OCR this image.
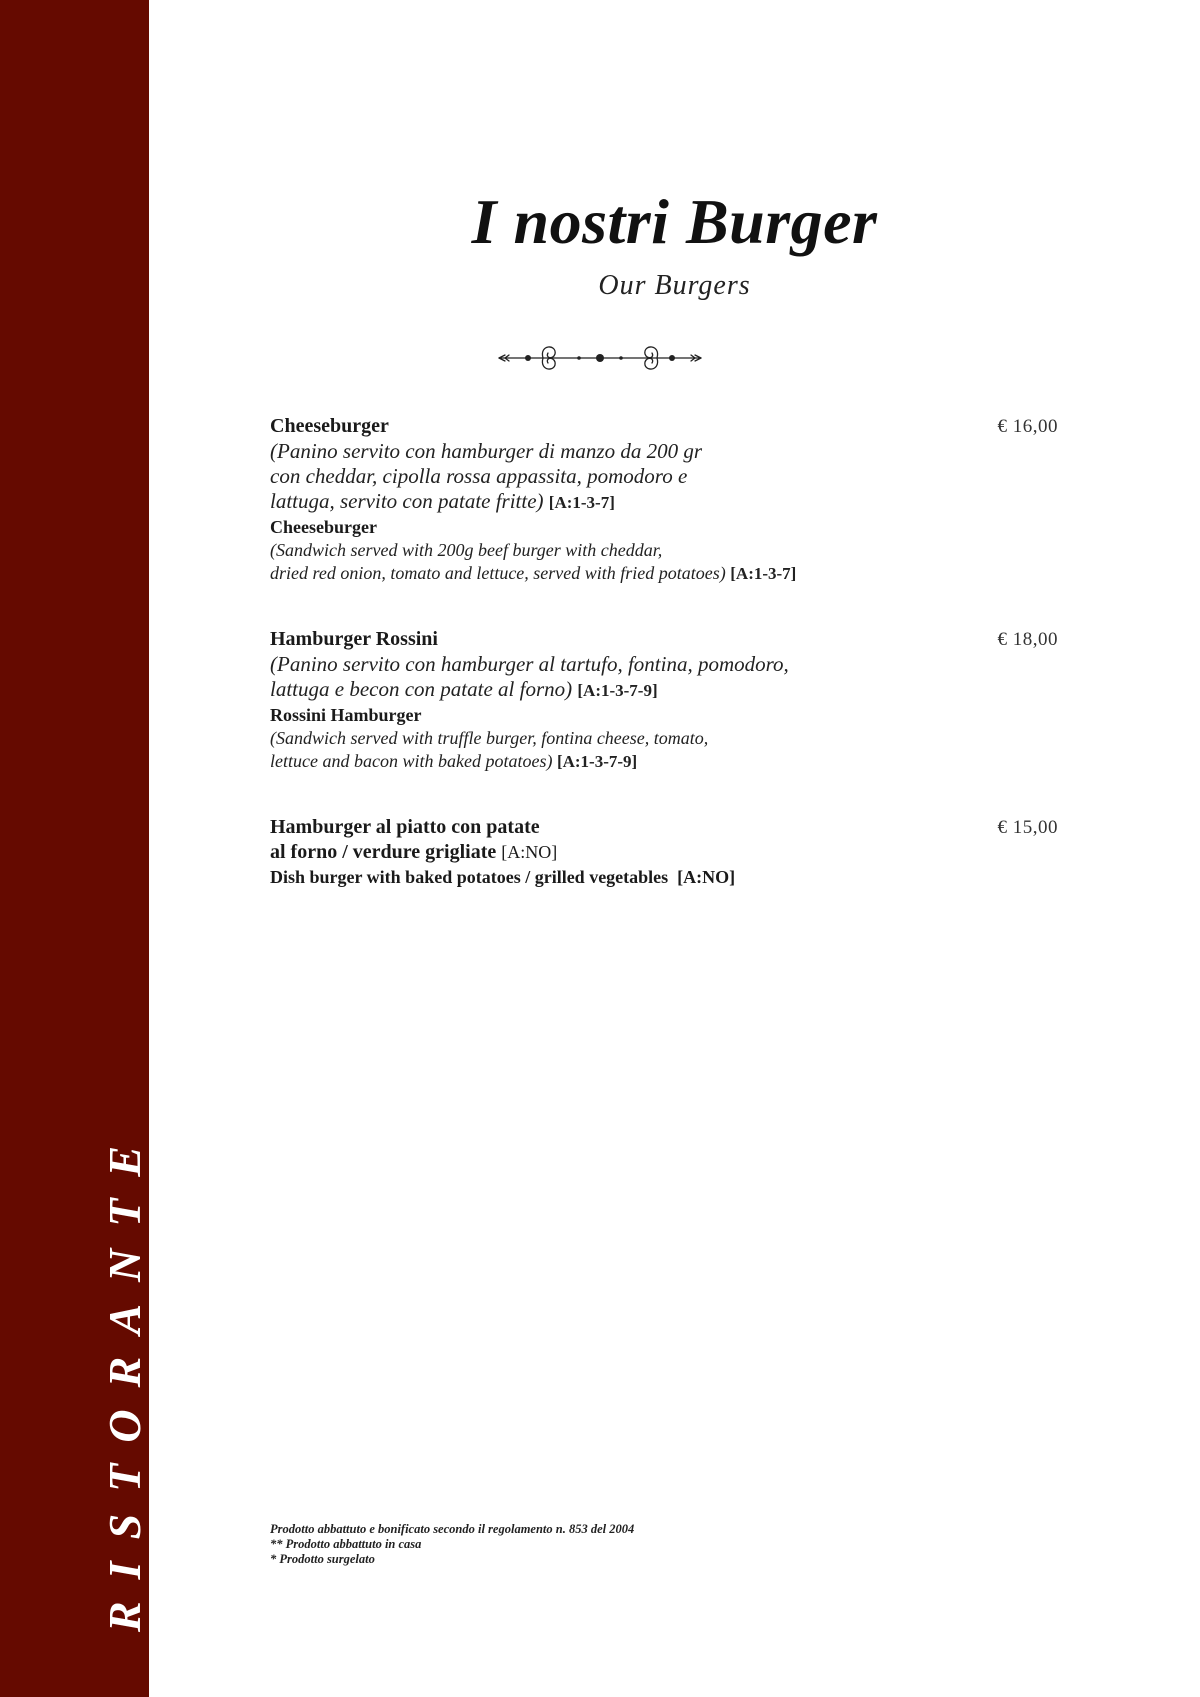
RISTORANTE
I nostri Burger
Our Burgers
Cheeseburger	€ 16,00
(Panino servito con hamburger di manzo da 200 gr
con cheddar, cipolla rossa appassita, pomodoro e
lattuga, servito con patate fritte) [A:1-3-7]
Cheeseburger
(Sandwich served with 200g beef burger with cheddar,
dried red onion, tomato and lettuce, served with fried potatoes) [A:1-3-7]
Hamburger Rossini	€ 18,00
(Panino servito con hamburger al tartufo, fontina, pomodoro,
lattuga e becon con patate al forno) [A:1-3-7-9]
Rossini Hamburger
(Sandwich served with truffle burger, fontina cheese, tomato,
lettuce and bacon with baked potatoes) [A:1-3-7-9]
Hamburger al piatto con patate
al forno / verdure grigliate [A:NO]
€ 15,00
Dish burger with baked potatoes / grilled vegetables [A:NO]
Prodotto abbattuto e bonificato secondo il regolamento n. 853 del 2004
** Prodotto abbattuto in casa
* Prodotto surgelato
